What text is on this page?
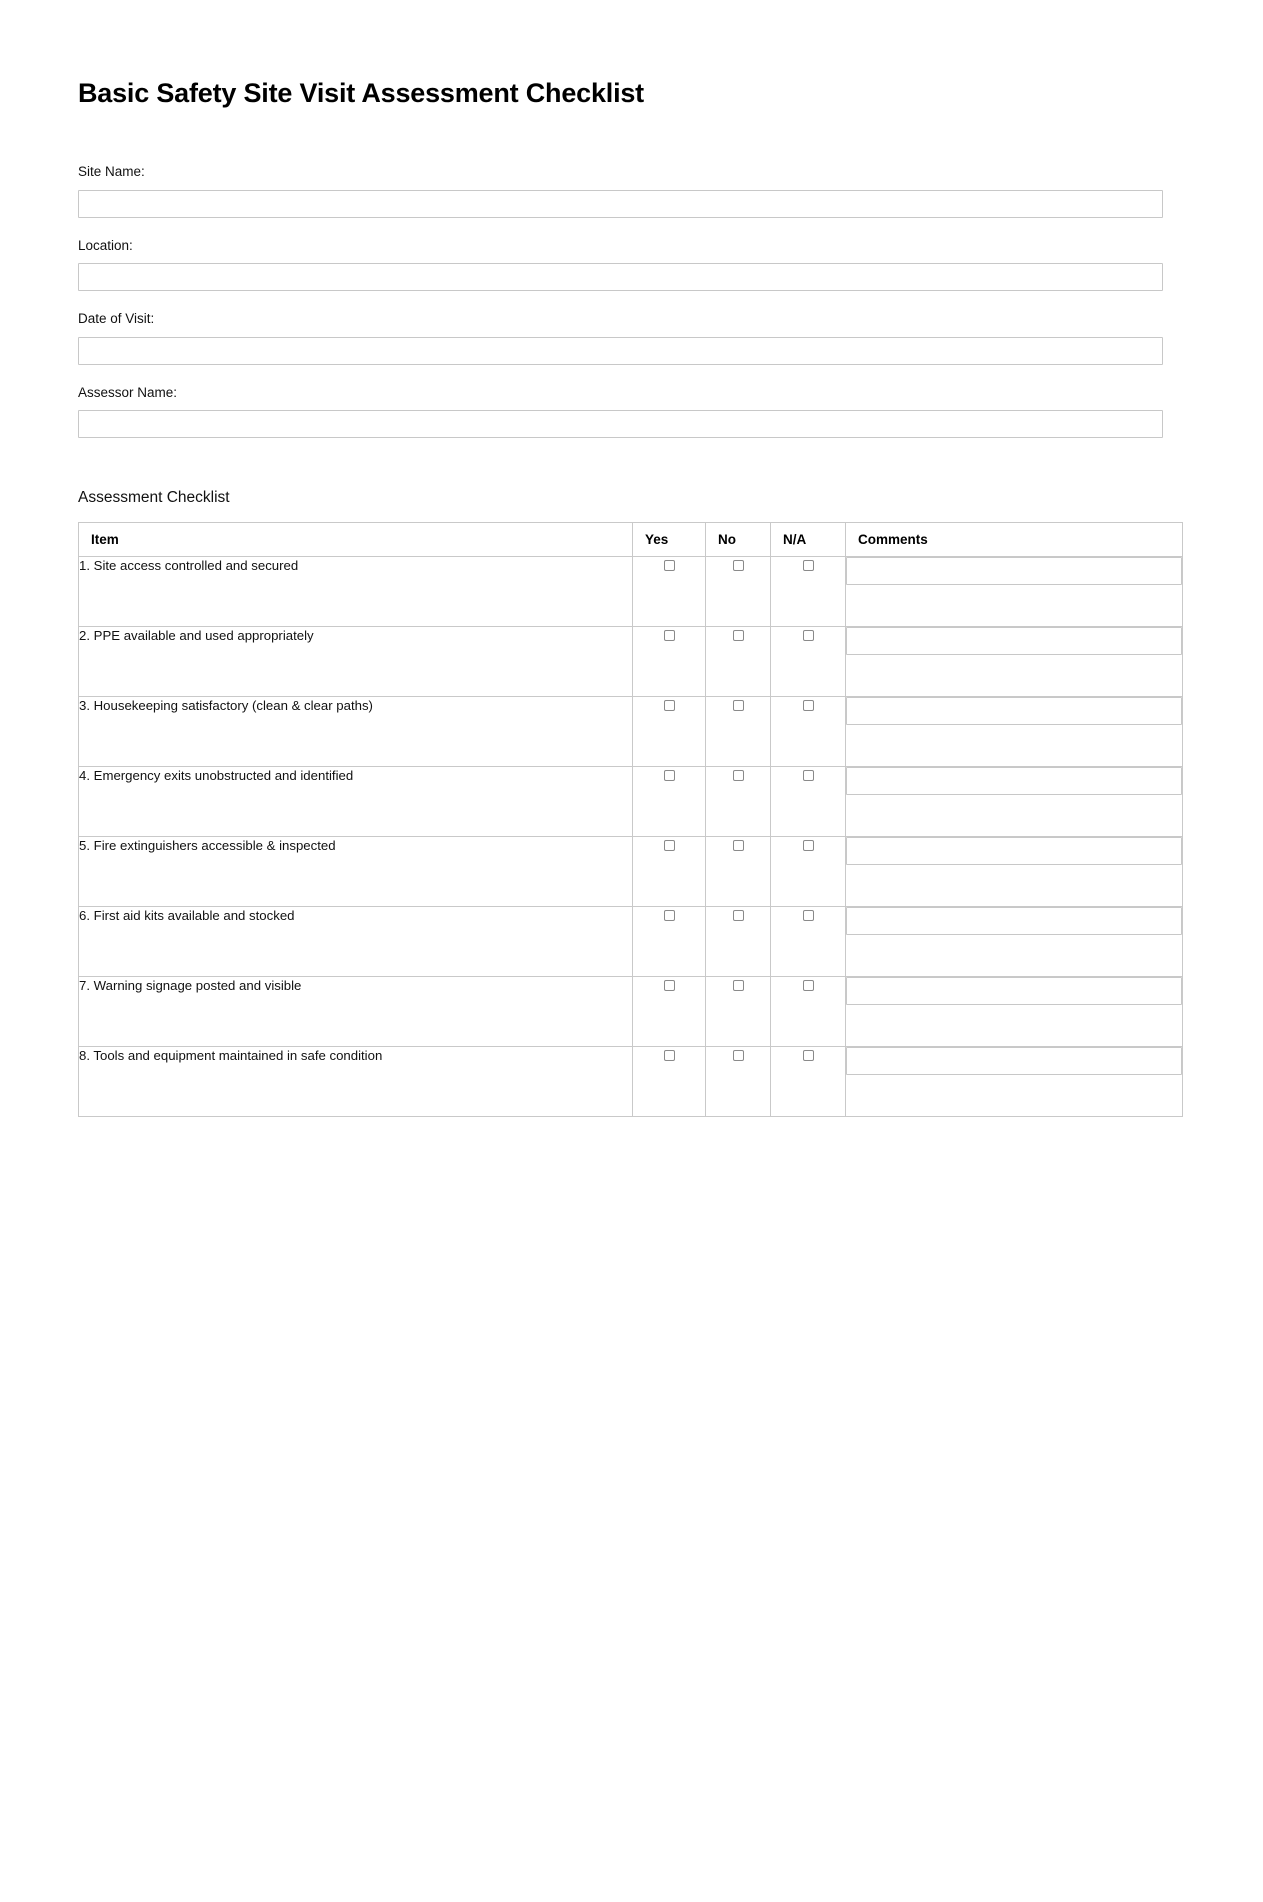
Basic Safety Site Visit Assessment Checklist
Site Name:
Location:
Date of Visit:
Assessor Name:
Assessment Checklist
Item	Yes	No	N/A	Comments
1. Site access controlled and secured				

2. PPE available and used appropriately				

3. Housekeeping satisfactory (clean & clear paths)				

4. Emergency exits unobstructed and identified				

5. Fire extinguishers accessible & inspected				

6. First aid kits available and stocked				

7. Warning signage posted and visible				

8. Tools and equipment maintained in safe condition				
